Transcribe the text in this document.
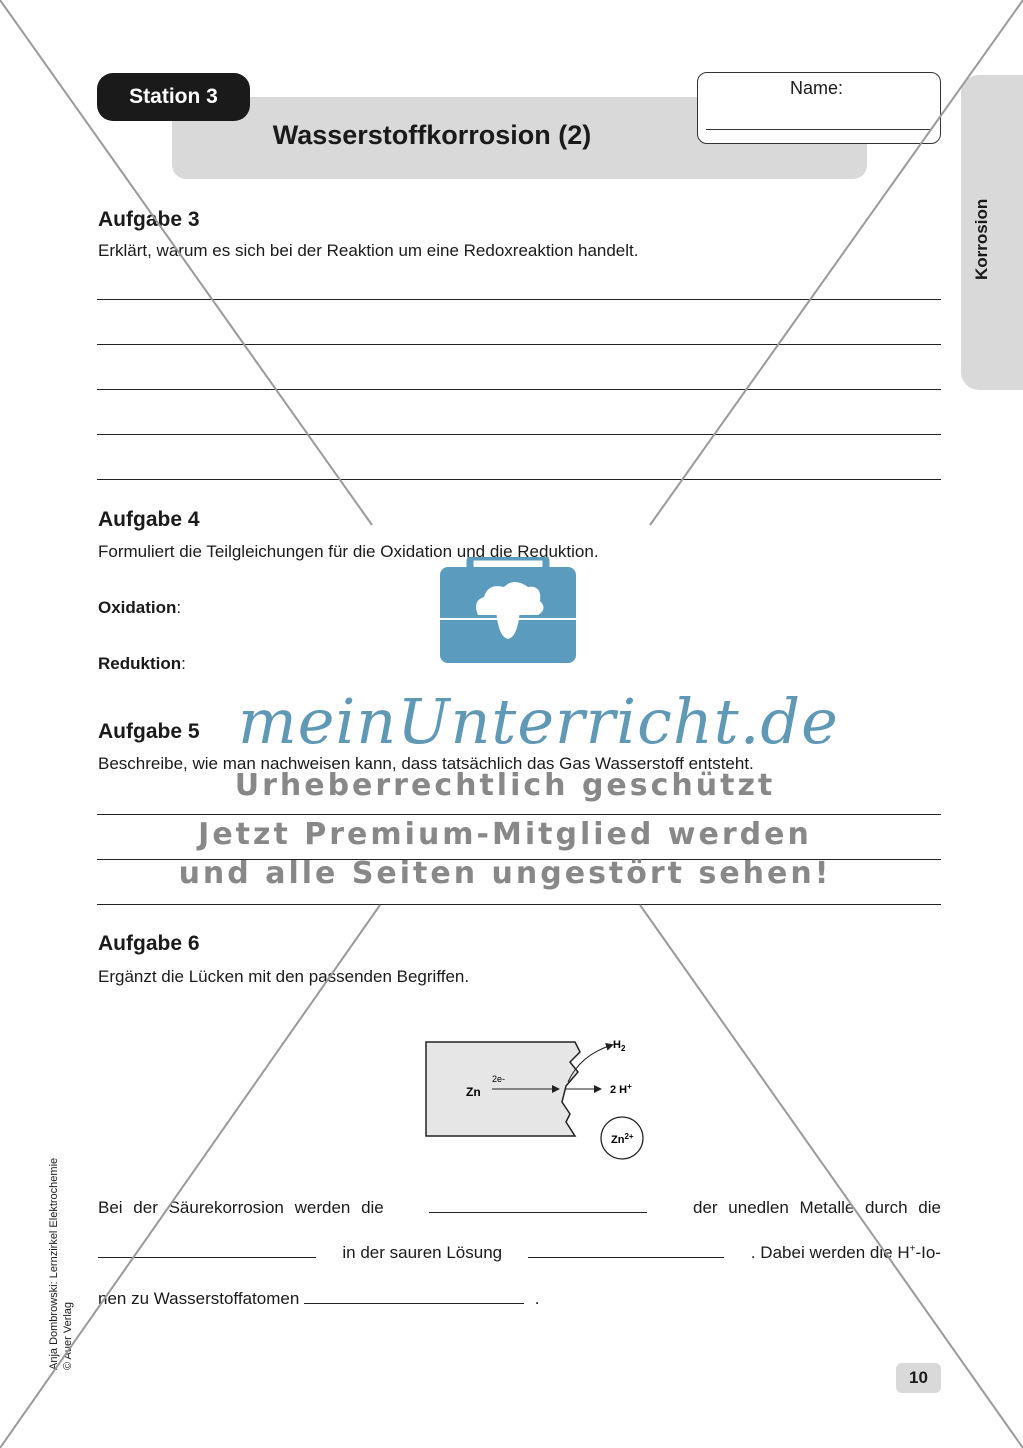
Station 3
Wasserstoffkorrosion (2)
Name:
Korrosion
Aufgabe 3
Erklärt, warum es sich bei der Reaktion um eine Redoxreaktion handelt.
Aufgabe 4
Formuliert die Teilgleichungen für die Oxidation und die Reduktion.
Oxidation:
Reduktion:
Aufgabe 5
Beschreibe, wie man nachweisen kann, dass tatsächlich das Gas Wasserstoff entsteht.
Aufgabe 6
Ergänzt die Lücken mit den passenden Begriffen.
Zn
2e-
$H_2$
2 H+
$Zn^{2+}$
Bei der Säurekorrosion werden die	der unedlen Metalle durch die
in der sauren Lösung	. Dabei werden die H+-Io-
nen zu Wasserstoffatomen	.
10
Anja Dombrowski: Lernzirkel Elektrochemie © Auer Verlag
meinUnterricht.de
Urheberrechtlich geschützt
Jetzt Premium-Mitglied werden
und alle Seiten ungestört sehen!
